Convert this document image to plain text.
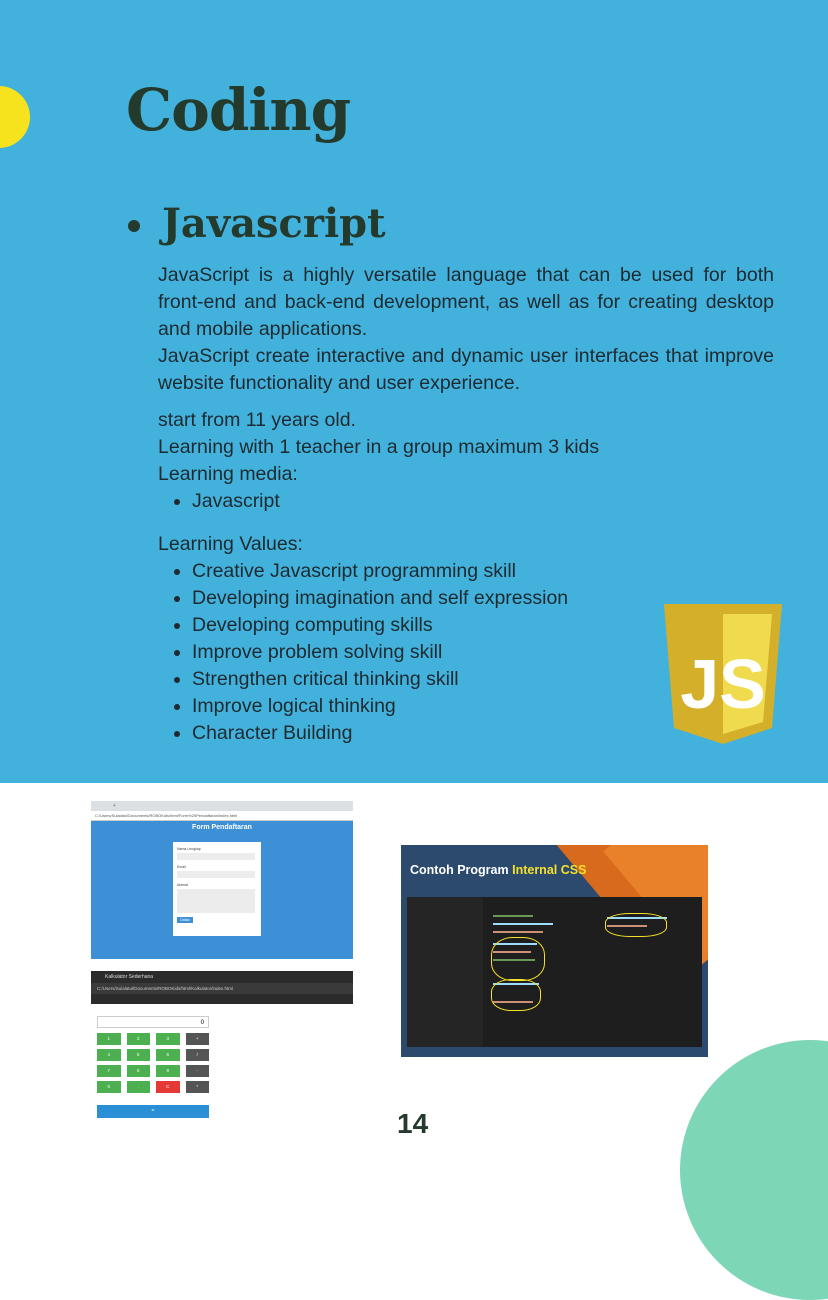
Coding
Javascript

JavaScript is a highly versatile language that can be used for both front-end and back-end development, as well as for creating desktop and mobile applications.

JavaScript create interactive and dynamic user interfaces that improve website functionality and user experience.

start from 11 years old.

Learning with 1 teacher in a group maximum 3 kids

Learning media:

• Javascript

Learning Values:

• Creative Javascript programming skill
• Developing imagination and self expression
• Developing computing skills
• Improve problem solving skill
• Strengthen critical thinking skill
• Improve logical thinking
• Character Building
JS
+
C:/Users/Sulalatul/Documents/ROBOKids/html/Form%20Pendaftaran/index.html
Form Pendaftaran
Nama Lengkap
Email
Alamat
Daftar
Kalkulator Sederhana
C:/Users/Sulalatul/Documents/ROBOKids/html/Kalkulator/index.html
0
1	2	3	+
4	5	6	/
7	8	9	-
0	.	C	*
=
Contoh Program Internal CSS
14
